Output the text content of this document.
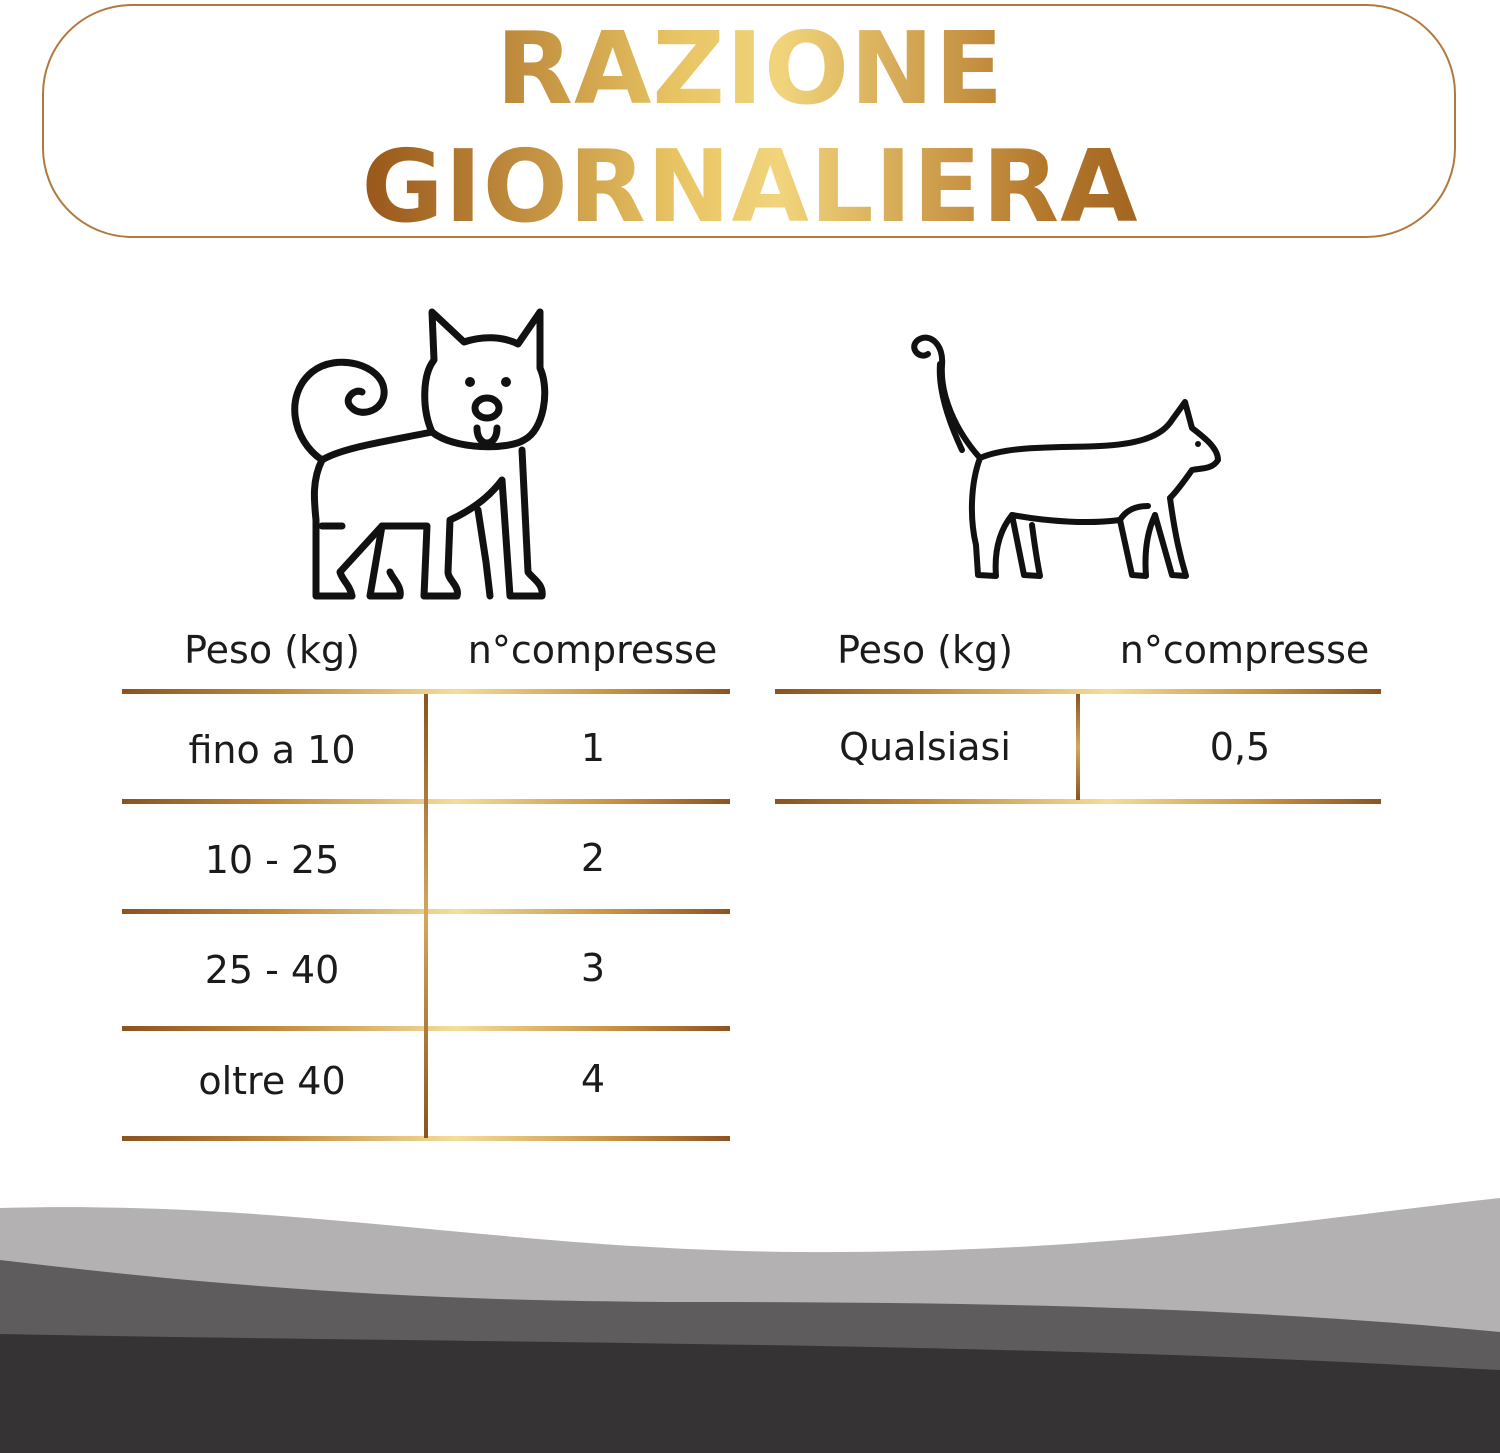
RAZIONE
GIORNALIERA
Peso (kg)	n°compresse
fino a 10	1
10 - 25	2
25 - 40	3
oltre 40	4
Peso (kg)	n°compresse
Qualsiasi	0,5
